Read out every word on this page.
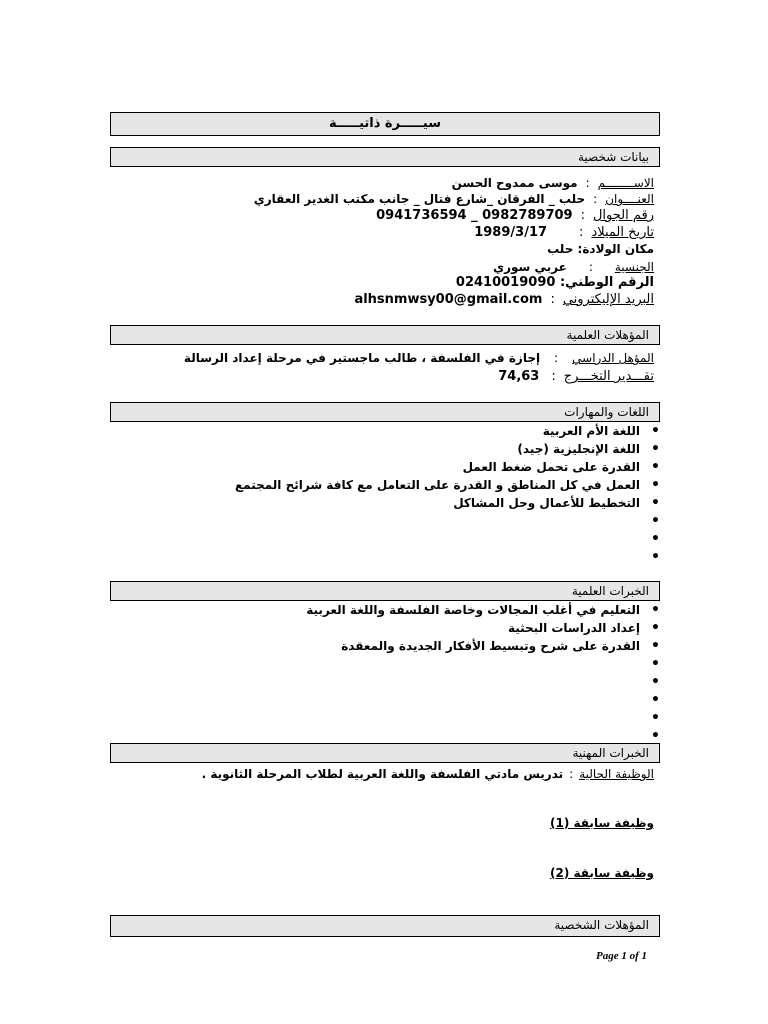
سيـــــرة ذاتيـــــة
بيانات شخصية
الاســــــــم:موسى ممدوح الحسن
العنــــوان:حلب _ الفرقان _شارع فتال _ جانب مكتب الغدير العقاري
رقم الجوال:0941736594 _ 0982789709
تاريخ الميلاد:1989/3/17
مكان الولادة: حلب
الجنسية:عربي سوري
الرقم الوطني: 02410019090
البريد الإليكتروني:alhsnmwsy00@gmail.com
المؤهلات العلمية
المؤهل الدراسي:إجازة في الفلسفة ، طالب ماجستير في مرحلة إعداد الرسالة
تقـــدير التخـــرج:74,63
اللغات والمهارات
• اللغة الأم العربية
• اللغة الإنجليزية (جيد)
• القدرة على تحمل ضغط العمل
• العمل في كل المناطق و القدرة على التعامل مع كافة شرائح المجتمع
• التخطيط للأعمال وحل المشاكل
•
•
•
الخبرات العلمية
• التعليم في أغلب المجالات وخاصة الفلسفة واللغة العربية
• إعداد الدراسات البحثية
• القدرة على شرح وتبسيط الأفكار الجديدة والمعقدة
•
•
•
•
•
الخبرات المهنية
الوظيفة الحالية:تدريس مادتي الفلسفة واللغة العربية لطلاب المرحلة الثانوية .
وظيفة سابقة (1)
وظيفة سابقة (2)
المؤهلات الشخصية
Page 1 of 1
